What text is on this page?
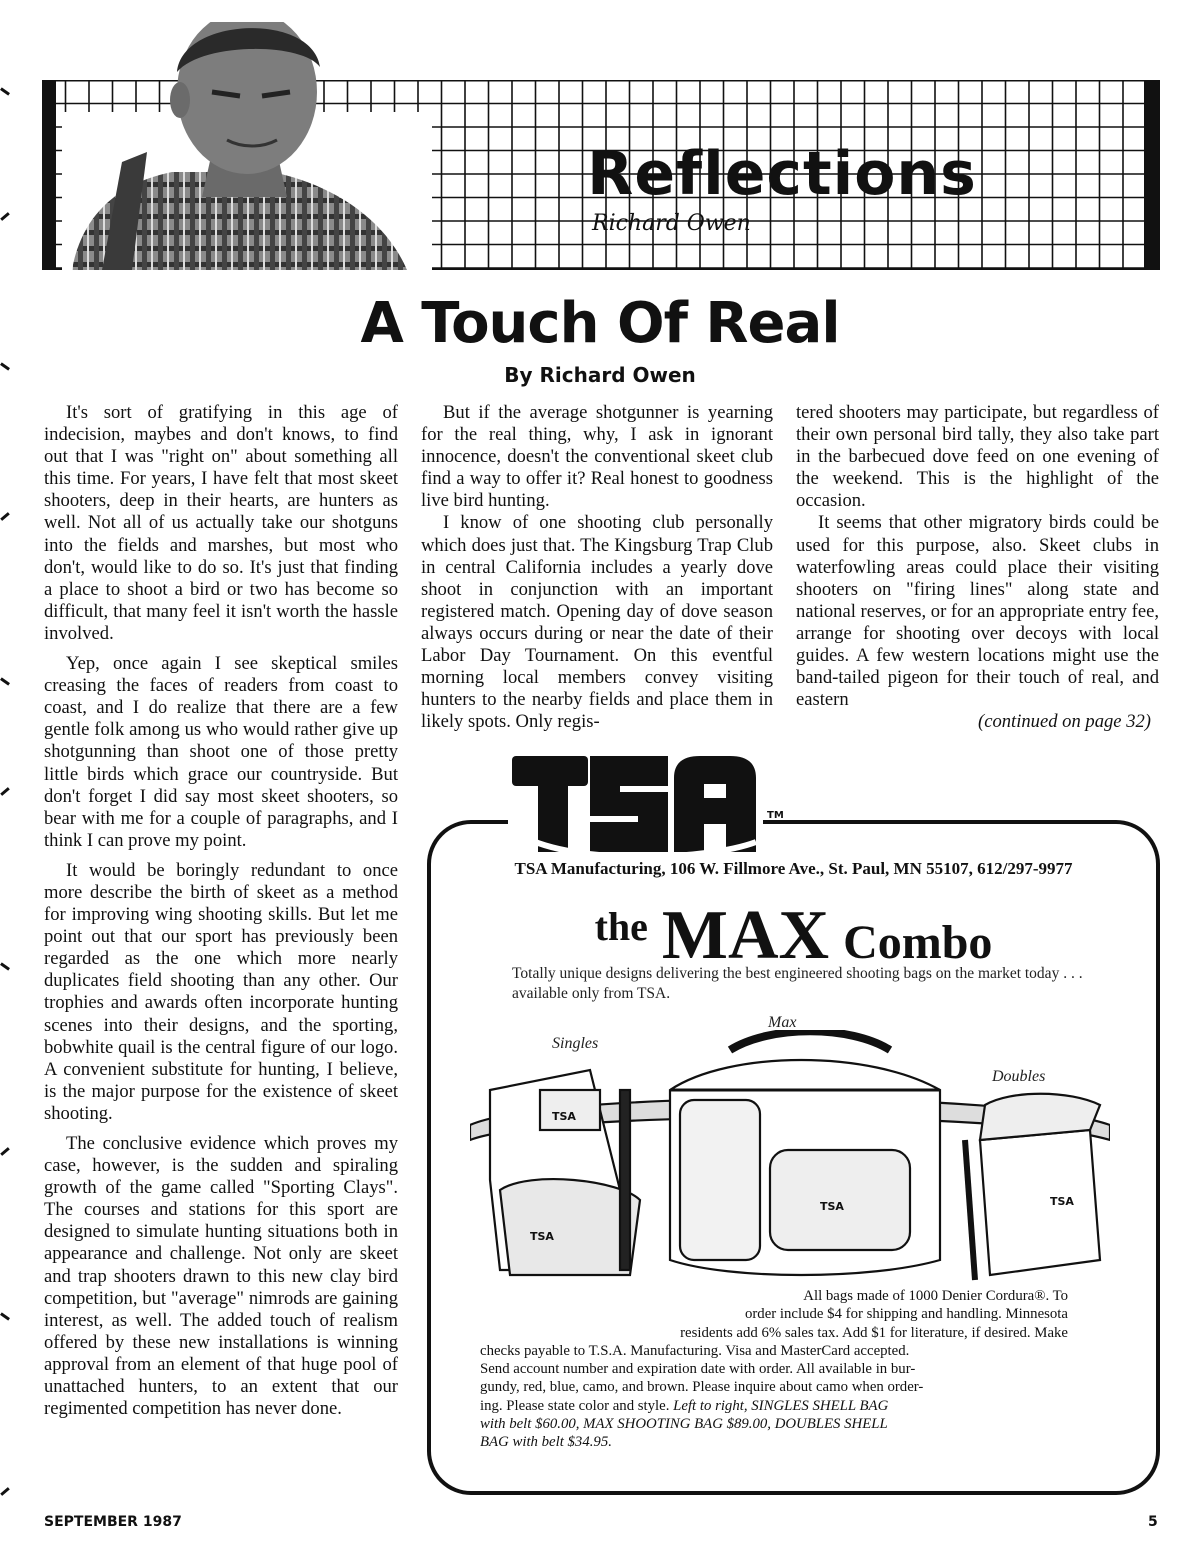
Reflections
Richard Owen
A Touch Of Real
By Richard Owen

It's sort of gratifying in this age of indecision, maybes and don't knows, to find out that I was "right on" about something all this time. For years, I have felt that most skeet shooters, deep in their hearts, are hunters as well. Not all of us actually take our shotguns into the fields and marshes, but most who don't, would like to do so. It's just that finding a place to shoot a bird or two has become so difficult, that many feel it isn't worth the hassle involved.

Yep, once again I see skeptical smiles creasing the faces of readers from coast to coast, and I do realize that there are a few gentle folk among us who would rather give up shotgunning than shoot one of those pretty little birds which grace our countryside. But don't forget I did say most skeet shooters, so bear with me for a couple of paragraphs, and I think I can prove my point.

It would be boringly redundant to once more describe the birth of skeet as a method for improving wing shooting skills. But let me point out that our sport has previously been regarded as the one which more nearly duplicates field shooting than any other. Our trophies and awards often incorporate hunting scenes into their designs, and the sporting, bobwhite quail is the central figure of our logo. A convenient substitute for hunting, I believe, is the major purpose for the existence of skeet shooting.

The conclusive evidence which proves my case, however, is the sudden and spiraling growth of the game called "Sporting Clays". The courses and stations for this sport are designed to simulate hunting situations both in appearance and challenge. Not only are skeet and trap shooters drawn to this new clay bird competition, but "average" nimrods are gaining interest, as well. The added touch of realism offered by these new installations is winning approval from an element of that huge pool of unattached hunters, to an extent that our regimented competition has never done.

But if the average shotgunner is yearning for the real thing, why, I ask in ignorant innocence, doesn't the conventional skeet club find a way to offer it? Real honest to goodness live bird hunting.

I know of one shooting club personally which does just that. The Kingsburg Trap Club in central California includes a yearly dove shoot in conjunction with an important registered match. Opening day of dove season always occurs during or near the date of their Labor Day Tournament. On this eventful morning local members convey visiting hunters to the nearby fields and place them in likely spots. Only regis-

tered shooters may participate, but regardless of their own personal bird tally, they also take part in the barbecued dove feed on one evening of the weekend. This is the highlight of the occasion.

It seems that other migratory birds could be used for this purpose, also. Skeet clubs in waterfowling areas could place their visiting shooters on "firing lines" along state and national reserves, or for an appropriate entry fee, arrange for shooting over decoys with local guides. A few western locations might use the band-tailed pigeon for their touch of real, and eastern

(continued on page 32)

TM
TSA Manufacturing, 106 W. Fillmore Ave., St. Paul, MN 55107, 612/297-9977
the MAX Combo
Totally unique designs delivering the best engineered shooting bags on the market today . . . available only from TSA.
Max
Singles
Doubles
TSA
TSA
TSA	TSA
All bags made of 1000 Denier Cordura®. To
order include $4 for shipping and handling. Minnesota
residents add 6% sales tax. Add $1 for literature, if desired. Make
checks payable to T.S.A. Manufacturing. Visa and MasterCard accepted.
Send account number and expiration date with order. All available in bur-
gundy, red, blue, camo, and brown. Please inquire about camo when order-
ing. Please state color and style. Left to right, SINGLES SHELL BAG
with belt $60.00, MAX SHOOTING BAG $89.00, DOUBLES SHELL
BAG with belt $34.95.
SEPTEMBER 1987	5
